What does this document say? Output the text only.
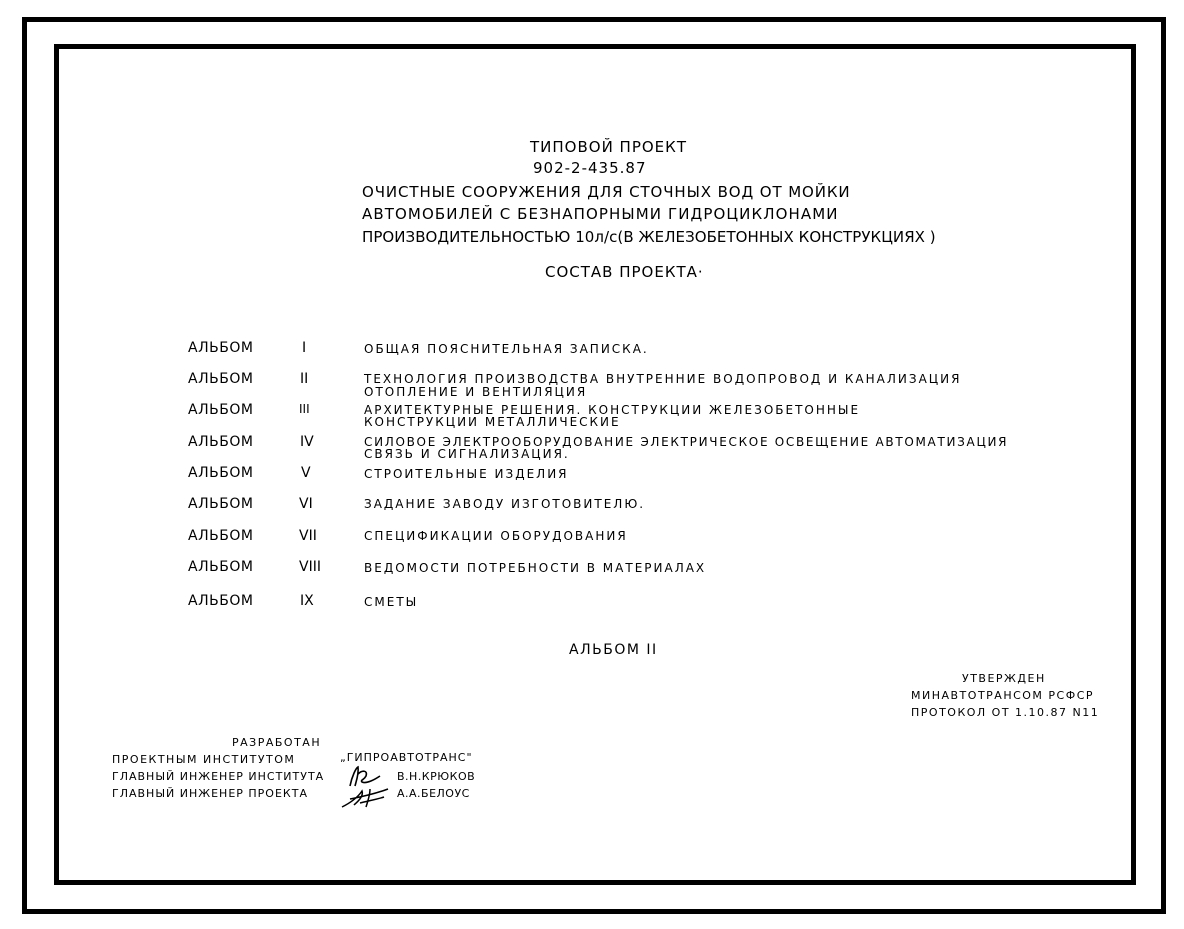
ТИПОВОЙ ПРОЕКТ
902-2-435.87
ОЧИСТНЫЕ СООРУЖЕНИЯ ДЛЯ СТОЧНЫХ ВОД ОТ МОЙКИ
АВТОМОБИЛЕЙ С БЕЗНАПОРНЫМИ ГИДРОЦИКЛОНАМИ
ПРОИЗВОДИТЕЛЬНОСТЬЮ 10л/с(В ЖЕЛЕЗОБЕТОННЫХ КОНСТРУКЦИЯХ )
СОСТАВ ПРОЕКТА·
АЛЬБОМ	I	ОБЩАЯ ПОЯСНИТЕЛЬНАЯ ЗАПИСКА.
АЛЬБОМ	II	ТЕХНОЛОГИЯ ПРОИЗВОДСТВА ВНУТРЕННИЕ ВОДОПРОВОД И КАНАЛИЗАЦИЯ
ОТОПЛЕНИЕ И ВЕНТИЛЯЦИЯ
АЛЬБОМ	III	АРХИТЕКТУРНЫЕ РЕШЕНИЯ. КОНСТРУКЦИИ ЖЕЛЕЗОБЕТОННЫЕ
КОНСТРУКЦИИ МЕТАЛЛИЧЕСКИЕ
АЛЬБОМ	IV	СИЛОВОЕ ЭЛЕКТРООБОРУДОВАНИЕ ЭЛЕКТРИЧЕСКОЕ ОСВЕЩЕНИЕ АВТОМАТИЗАЦИЯ
СВЯЗЬ И СИГНАЛИЗАЦИЯ.
АЛЬБОМ	V	СТРОИТЕЛЬНЫЕ ИЗДЕЛИЯ
АЛЬБОМ	VI	ЗАДАНИЕ ЗАВОДУ ИЗГОТОВИТЕЛЮ.
АЛЬБОМ	VII	СПЕЦИФИКАЦИИ ОБОРУДОВАНИЯ
АЛЬБОМ	VIII	ВЕДОМОСТИ ПОТРЕБНОСТИ В МАТЕРИАЛАХ
АЛЬБОМ	IX	СМЕТЫ
АЛЬБОМ II
УТВЕРЖДЕН
МИНАВТОТРАНСОМ РСФСР
ПРОТОКОЛ ОТ 1.10.87 N11
РАЗРАБОТАН
ПРОЕКТНЫМ ИНСТИТУТОМ	„ГИПРОАВТОТРАНС"
ГЛАВНЫЙ ИНЖЕНЕР ИНСТИТУТА	В.Н.КРЮКОВ
ГЛАВНЫЙ ИНЖЕНЕР ПРОЕКТА	А.А.БЕЛОУС
